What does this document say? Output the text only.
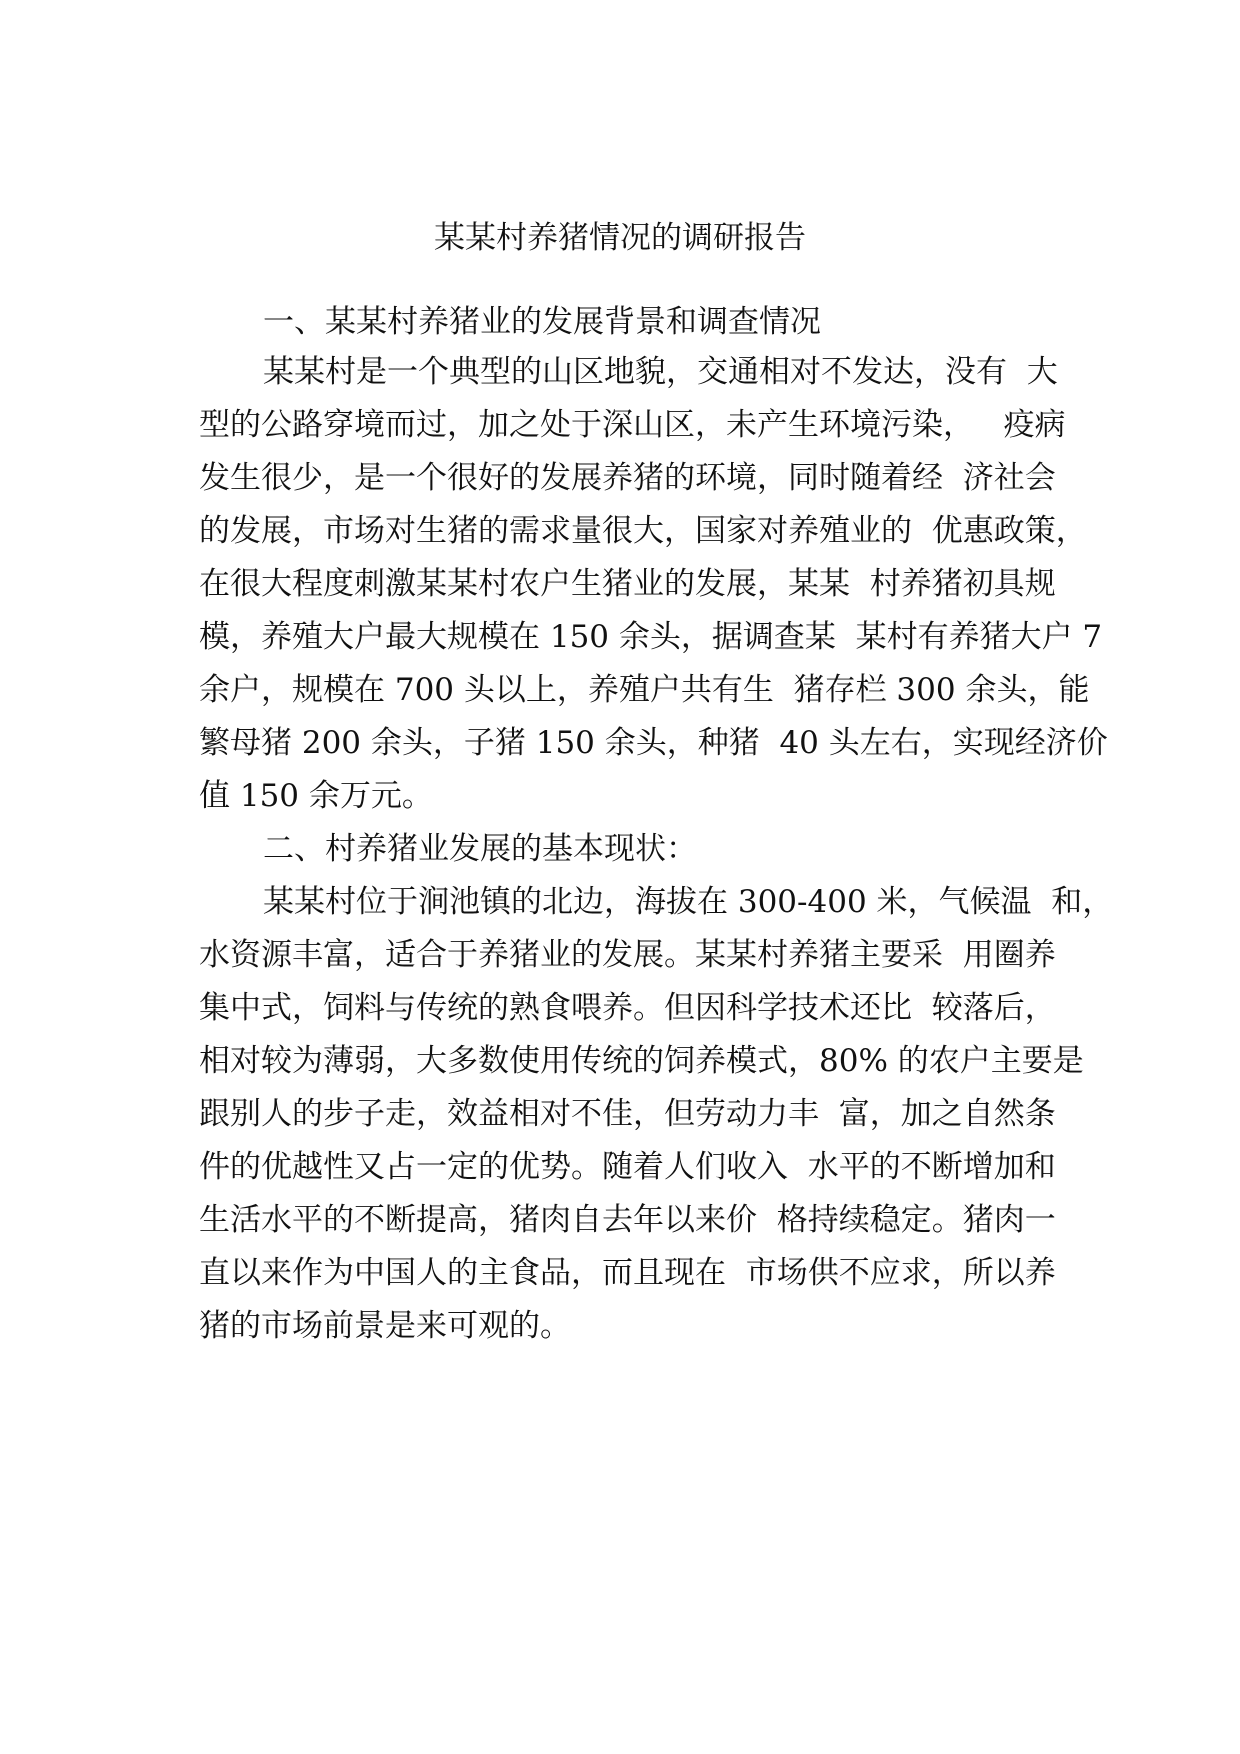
某某村养猪情况的调研报告
一、某某村养猪业的发展背景和调查情况
某某村是一个典型的山区地貌，交通相对不发达，没有  大
型的公路穿境而过，加之处于深山区，未产生环境污染，   疫病
发生很少，是一个很好的发展养猪的环境，同时随着经  济社会
的发展，市场对生猪的需求量很大，国家对养殖业的  优惠政策，
在很大程度刺激某某村农户生猪业的发展，某某  村养猪初具规
模，养殖大户最大规模在 150 余头，据调查某  某村有养猪大户 7
余户，规模在 700 头以上，养殖户共有生  猪存栏 300 余头，能
繁母猪 200 余头，子猪 150 余头，种猪  40 头左右，实现经济价
值 150 余万元。
二、村养猪业发展的基本现状：
某某村位于涧池镇的北边，海拔在 300-400 米，气候温  和，
水资源丰富，适合于养猪业的发展。某某村养猪主要采  用圈养
集中式，饲料与传统的熟食喂养。但因科学技术还比  较落后，
相对较为薄弱，大多数使用传统的饲养模式，80% 的农户主要是
跟别人的步子走，效益相对不佳，但劳动力丰  富，加之自然条
件的优越性又占一定的优势。随着人们收入  水平的不断增加和
生活水平的不断提高，猪肉自去年以来价  格持续稳定。猪肉一
直以来作为中国人的主食品，而且现在  市场供不应求，所以养
猪的市场前景是来可观的。
